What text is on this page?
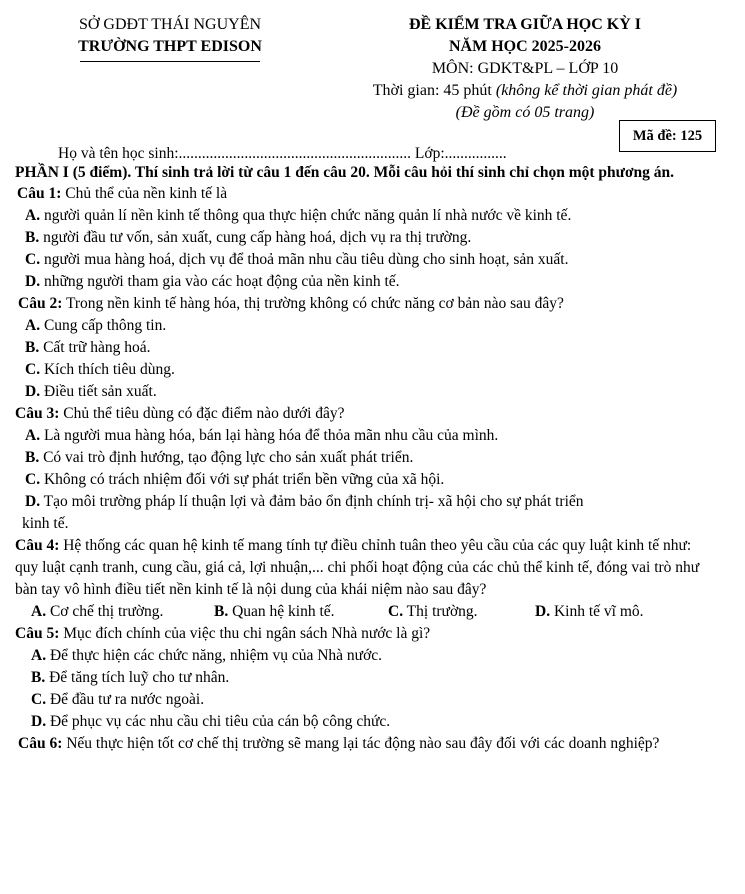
SỞ GDĐT THÁI NGUYÊN
TRƯỜNG THPT EDISON
ĐỀ KIỂM TRA GIỮA HỌC KỲ I
NĂM HỌC 2025-2026
MÔN: GDKT&PL – LỚP 10
Thời gian: 45 phút (không kể thời gian phát đề)
(Đề gồm có 05 trang)
Mã đề: 125
Họ và tên học sinh:............................................................ Lớp:................

PHẦN I (5 điểm). Thí sinh trả lời từ câu 1 đến câu 20. Mỗi câu hỏi thí sinh chỉ chọn một phương án.

Câu 1: Chủ thể của nền kinh tế là

A. người quản lí nền kinh tế thông qua thực hiện chức năng quản lí nhà nước về kinh tế.

B. người đầu tư vốn, sản xuất, cung cấp hàng hoá, dịch vụ ra thị trường.

C. người mua hàng hoá, dịch vụ để thoả mãn nhu cầu tiêu dùng cho sinh hoạt, sản xuất.

D. những người tham gia vào các hoạt động của nền kinh tế.

Câu 2: Trong nền kinh tế hàng hóa, thị trường không có chức năng cơ bản nào sau đây?

A. Cung cấp thông tin.

B. Cất trữ hàng hoá.

C. Kích thích tiêu dùng.

D. Điều tiết sản xuất.

Câu 3: Chủ thể tiêu dùng có đặc điểm nào dưới đây?

A. Là người mua hàng hóa, bán lại hàng hóa để thỏa mãn nhu cầu của mình.

B. Có vai trò định hướng, tạo động lực cho sản xuất phát triển.

C. Không có trách nhiệm đối với sự phát triển bền vững của xã hội.

D. Tạo môi trường pháp lí thuận lợi và đảm bảo ổn định chính trị- xã hội cho sự phát triển

kinh tế.

Câu 4: Hệ thống các quan hệ kinh tế mang tính tự điều chỉnh tuân theo yêu cầu của các quy luật kinh tế như: quy luật cạnh tranh, cung cầu, giá cả, lợi nhuận,... chi phối hoạt động của các chủ thể kinh tế, đóng vai trò như bàn tay vô hình điều tiết nền kinh tế là nội dung của khái niệm nào sau đây?

A. Cơ chế thị trường.	B. Quan hệ kinh tế.	C. Thị trường.	D. Kinh tế vĩ mô.

Câu 5: Mục đích chính của việc thu chi ngân sách Nhà nước là gì?

A. Để thực hiện các chức năng, nhiệm vụ của Nhà nước.

B. Để tăng tích luỹ cho tư nhân.

C. Để đầu tư ra nước ngoài.

D. Để phục vụ các nhu cầu chi tiêu của cán bộ công chức.

Câu 6: Nếu thực hiện tốt cơ chế thị trường sẽ mang lại tác động nào sau đây đối với các doanh nghiệp?
